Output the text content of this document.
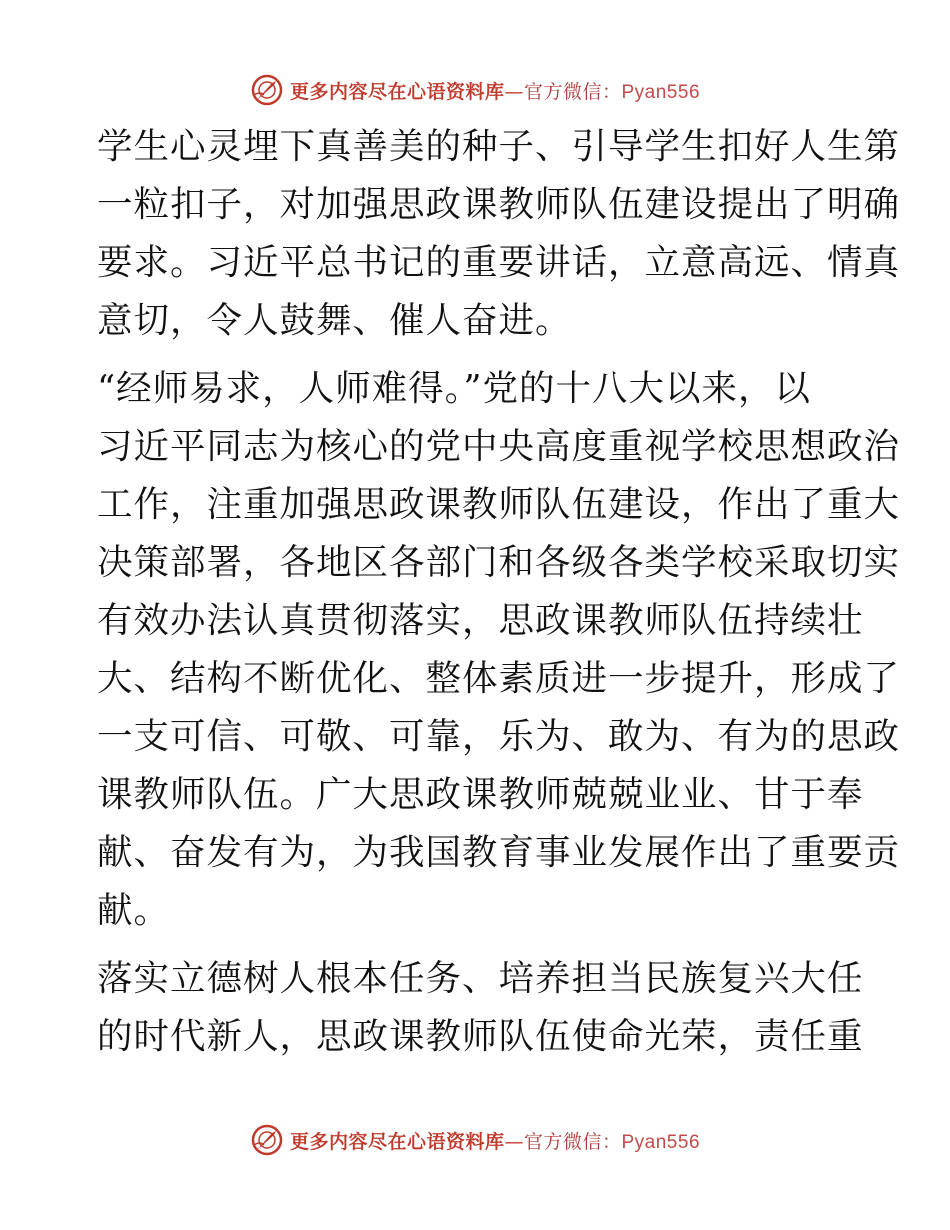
更多内容尽在心语资料库—官方微信：Pyan556
学生心灵埋下真善美的种子、引导学生扣好人生第
一粒扣子，对加强思政课教师队伍建设提出了明确
要求。习近平总书记的重要讲话，立意高远、情真
意切，令人鼓舞、催人奋进。
“经师易求，人师难得。”党的十八大以来，以
习近平同志为核心的党中央高度重视学校思想政治
工作，注重加强思政课教师队伍建设，作出了重大
决策部署，各地区各部门和各级各类学校采取切实
有效办法认真贯彻落实，思政课教师队伍持续壮
大、结构不断优化、整体素质进一步提升，形成了
一支可信、可敬、可靠，乐为、敢为、有为的思政
课教师队伍。广大思政课教师兢兢业业、甘于奉
献、奋发有为，为我国教育事业发展作出了重要贡
献。
落实立德树人根本任务、培养担当民族复兴大任
的时代新人，思政课教师队伍使命光荣，责任重
更多内容尽在心语资料库—官方微信：Pyan556
